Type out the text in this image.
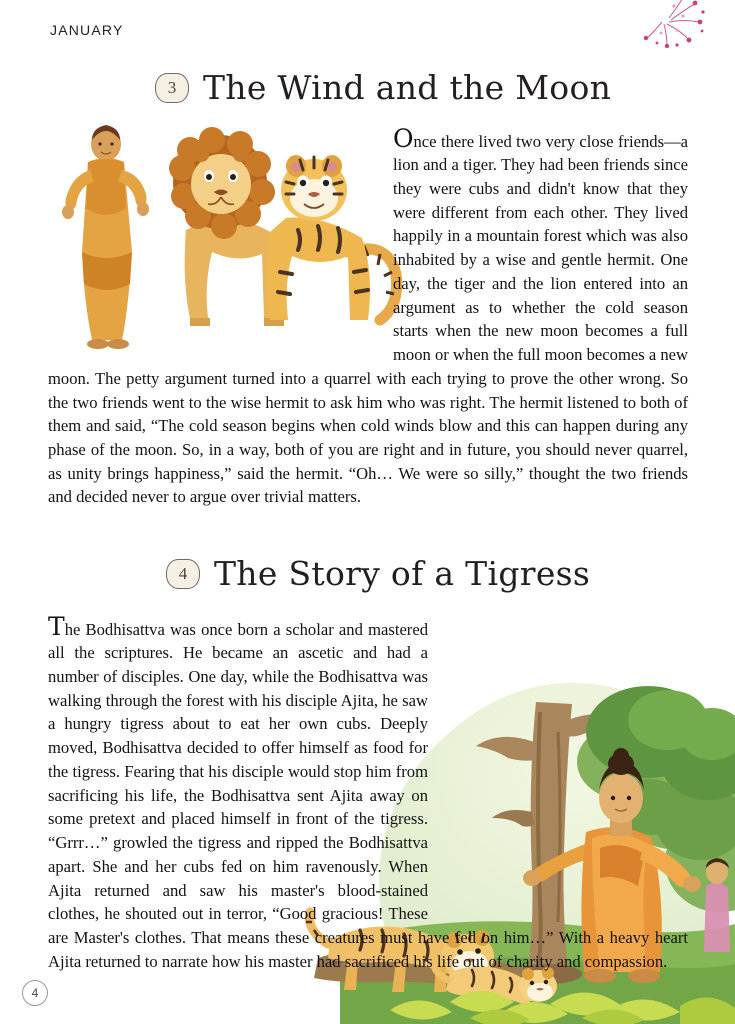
JANUARY
3 The Wind and the Moon

Once there lived two very close friends—a lion and a tiger. They had been friends since they were cubs and didn't know that they were different from each other. They lived happily in a mountain forest which was also inhabited by a wise and gentle hermit. One day, the tiger and the lion entered into an argument as to whether the cold season starts when the new moon becomes a full moon or when the full moon becomes a new moon. The petty argument turned into a quarrel with each trying to prove the other wrong. So the two friends went to the wise hermit to ask him who was right. The hermit listened to both of them and said, “The cold season begins when cold winds blow and this can happen during any phase of the moon. So, in a way, both of you are right and in future, you should never quarrel, as unity brings happiness,” said the hermit. “Oh… We were so silly,” thought the two friends and decided never to argue over trivial matters.

4 The Story of a Tigress

The Bodhisattva was once born a scholar and mastered all the scriptures. He became an ascetic and had a number of disciples. One day, while the Bodhisattva was walking through the forest with his disciple Ajita, he saw a hungry tigress about to eat her own cubs. Deeply moved, Bodhisattva decided to offer himself as food for the tigress. Fearing that his disciple would stop him from sacrificing his life, the Bodhisattva sent Ajita away on some pretext and placed himself in front of the tigress. “Grrr…” growled the tigress and ripped the Bodhisattva apart. She and her cubs fed on him ravenously. When Ajita returned and saw his master's blood-stained clothes, he shouted out in terror, “Good gracious! These are Master's clothes. That means these creatures must have fed on him…” With a heavy heart Ajita returned to narrate how his master had sacrificed his life out of charity and compassion.

4
